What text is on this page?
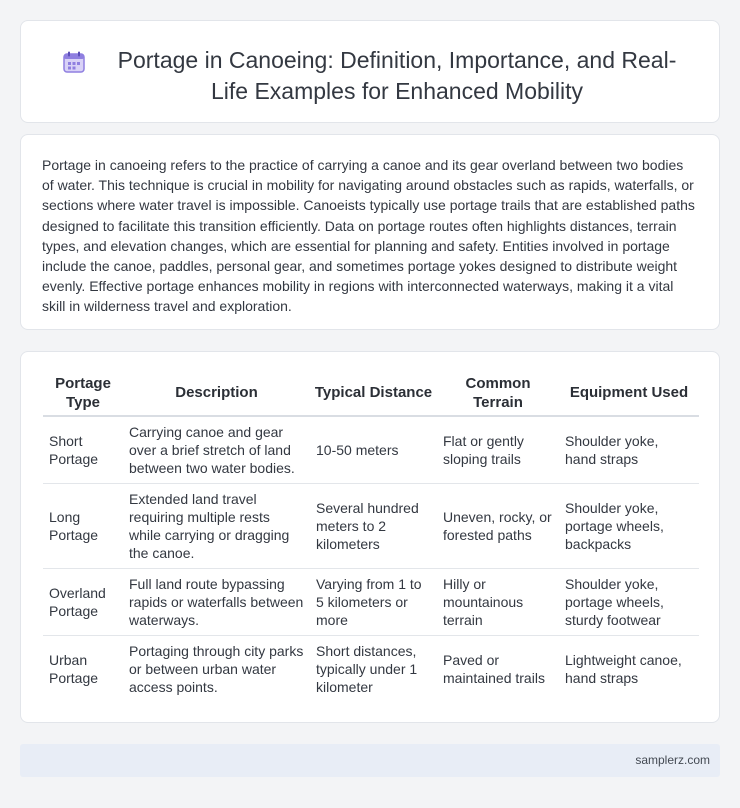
Portage in Canoeing: Definition, Importance, and Real-Life Examples for Enhanced Mobility

Portage in canoeing refers to the practice of carrying a canoe and its gear overland between two bodies of water. This technique is crucial in mobility for navigating around obstacles such as rapids, waterfalls, or sections where water travel is impossible. Canoeists typically use portage trails that are established paths designed to facilitate this transition efficiently. Data on portage routes often highlights distances, terrain types, and elevation changes, which are essential for planning and safety. Entities involved in portage include the canoe, paddles, personal gear, and sometimes portage yokes designed to distribute weight evenly. Effective portage enhances mobility in regions with interconnected waterways, making it a vital skill in wilderness travel and exploration.

Portage Type	Description	Typical Distance	Common Terrain	Equipment Used
Short Portage	Carrying canoe and gear over a brief stretch of land between two water bodies.	10-50 meters	Flat or gently sloping trails	Shoulder yoke, hand straps
Long Portage	Extended land travel requiring multiple rests while carrying or dragging the canoe.	Several hundred meters to 2 kilometers	Uneven, rocky, or forested paths	Shoulder yoke, portage wheels, backpacks
Overland Portage	Full land route bypassing rapids or waterfalls between waterways.	Varying from 1 to 5 kilometers or more	Hilly or mountainous terrain	Shoulder yoke, portage wheels, sturdy footwear
Urban Portage	Portaging through city parks or between urban water access points.	Short distances, typically under 1 kilometer	Paved or maintained trails	Lightweight canoe, hand straps
samplerz.com
